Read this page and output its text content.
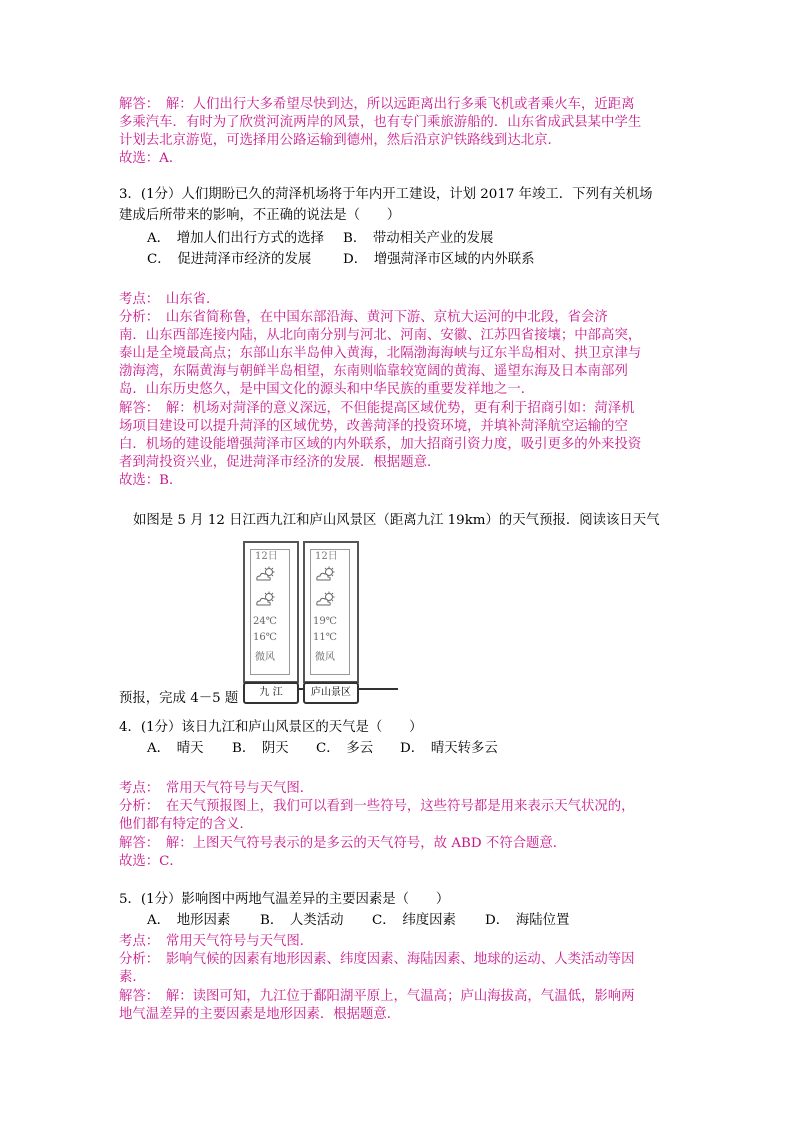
解答：　解：人们出行大多希望尽快到达，所以远距离出行多乘飞机或者乘火车，近距离
多乘汽车．有时为了欣赏河流两岸的风景，也有专门乘旅游船的．山东省成武县某中学生
计划去北京游览，可选择用公路运输到德州，然后沿京沪铁路线到达北京．
故选：A．
3．(1分）人们期盼已久的菏泽机场将于年内开工建设，计划 2017 年竣工．下列有关机场
建成后所带来的影响，不正确的说法是（　　）
A．　增加人们出行方式的选择 B．　带动相关产业的发展
C．　促进菏泽市经济的发展 D．　增强菏泽市区域的内外联系
考点：　山东省．
分析：　山东省简称鲁，在中国东部沿海、黄河下游、京杭大运河的中北段，省会济
南．山东西部连接内陆，从北向南分别与河北、河南、安徽、江苏四省接壤；中部高突，
泰山是全境最高点；东部山东半岛伸入黄海，北隔渤海海峡与辽东半岛相对、拱卫京津与
渤海湾，东隔黄海与朝鲜半岛相望，东南则临靠较宽阔的黄海、遥望东海及日本南部列
岛．山东历史悠久，是中国文化的源头和中华民族的重要发祥地之一．
解答：　解：机场对菏泽的意义深远，不但能提高区域优势，更有利于招商引如：菏泽机
场项目建设可以提升菏泽的区域优势，改善菏泽的投资环境，并填补菏泽航空运输的空
白．机场的建设能增强菏泽市区域的内外联系，加大招商引资力度，吸引更多的外来投资
者到菏投资兴业，促进菏泽市经济的发展．根据题意．
故选：B．
如图是 5 月 12 日江西九江和庐山风景区（距离九江 19km）的天气预报．阅读该日天气
12日
24℃
16℃
微风
九 江
12日
19℃
11℃
微风
庐山景区
预报，完成 4－5 题
4．(1分）该日九江和庐山风景区的天气是（　　）
A．　晴天 B．　阴天 C．　多云 D．　晴天转多云
考点：　常用天气符号与天气图．
分析：　在天气预报图上，我们可以看到一些符号，这些符号都是用来表示天气状况的，
他们都有特定的含义．
解答：　解：上图天气符号表示的是多云的天气符号，故 ABD 不符合题意．
故选：C．
5．(1分）影响图中两地气温差异的主要因素是（　　）
A．　地形因素 B．　人类活动 C．　纬度因素 D．　海陆位置
考点：　常用天气符号与天气图．
分析：　影响气候的因素有地形因素、纬度因素、海陆因素、地球的运动、人类活动等因
素．
解答：　解：读图可知，九江位于鄱阳湖平原上，气温高；庐山海拔高，气温低，影响两
地气温差异的主要因素是地形因素．根据题意．
